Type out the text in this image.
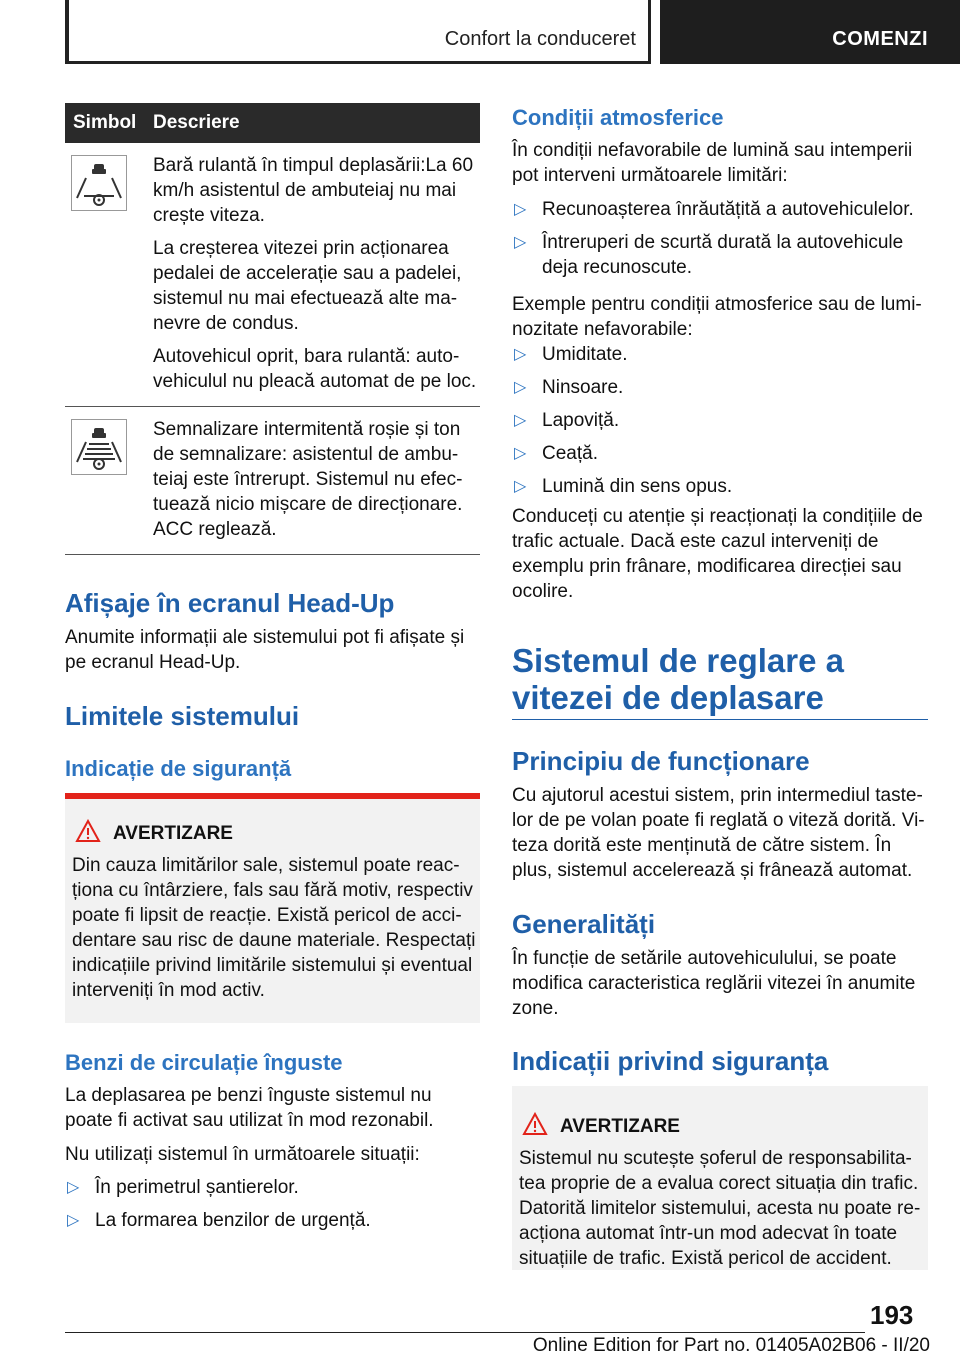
Confort la conduceret	COMENZI
Simbol Descriere

Bară rulantă în timpul deplasării:La 60 km/h asistentul de ambuteiaj nu mai crește viteza.

La creșterea vitezei prin acționarea pedalei de accelerație sau a padelei, sistemul nu mai efectuează alte ma-nevre de condus.

Autovehicul oprit, bara rulantă: auto-vehiculul nu pleacă automat de pe loc.

Semnalizare intermitentă roșie și ton de semnalizare: asistentul de ambu-teiaj este întrerupt. Sistemul nu efec-tuează nicio mișcare de direcționare. ACC reglează.

Afișaje în ecranul Head-Up
Anumite informații ale sistemului pot fi afișate și pe ecranul Head-Up.
Limitele sistemului
Indicație de siguranță
AVERTIZARE
Din cauza limitărilor sale, sistemul poate reac-ționa cu întârziere, fals sau fără motiv, respectiv poate fi lipsit de reacție. Există pericol de acci-dentare sau risc de daune materiale. Respectați indicațiile privind limitările sistemului și eventual interveniți în mod activ.
Benzi de circulație înguste
La deplasarea pe benzi înguste sistemul nu poate fi activat sau utilizat în mod rezonabil.
Nu utilizați sistemul în următoarele situații:
▷ În perimetrul șantierelor.
▷ La formarea benzilor de urgență.
Condiții atmosferice
În condiții nefavorabile de lumină sau intemperii pot interveni următoarele limitări:
▷ Recunoașterea înrăutățită a autovehiculelor.
▷ Întreruperi de scurtă durată la autovehicule deja recunoscute.
Exemple pentru condiții atmosferice sau de lumi-nozitate nefavorabile:
▷ Umiditate.
▷ Ninsoare.
▷ Lapoviță.
▷ Ceață.
▷ Lumină din sens opus.
Conduceți cu atenție și reacționați la condițiile de trafic actuale. Dacă este cazul interveniți de exemplu prin frânare, modificarea direcției sau ocolire.
Sistemul de reglare a vitezei de deplasare
Principiu de funcționare
Cu ajutorul acestui sistem, prin intermediul taste-lor de pe volan poate fi reglată o viteză dorită. Vi-teza dorită este menținută de către sistem. În plus, sistemul accelerează și frânează automat.
Generalități
În funcție de setările autovehiculului, se poate modifica caracteristica reglării vitezei în anumite zone.
Indicații privind siguranța
AVERTIZARE
Sistemul nu scutește șoferul de responsabilita-tea proprie de a evalua corect situația din trafic. Datorită limitelor sistemului, acesta nu poate re-acționa automat într-un mod adecvat în toate situațiile de trafic. Există pericol de accident.
193
Online Edition for Part no. 01405A02B06 - II/20
